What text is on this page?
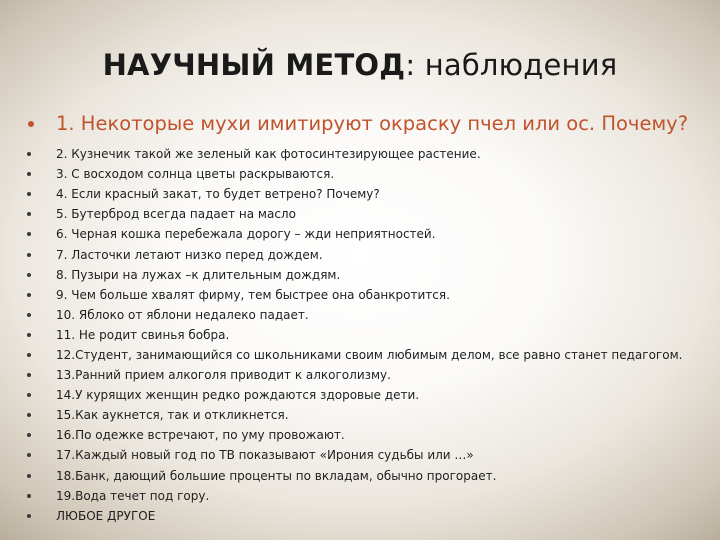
НАУЧНЫЙ МЕТОД: наблюдения
1. Некоторые мухи имитируют окраску пчел или ос. Почему?
2. Кузнечик такой же зеленый как фотосинтезирующее растение.
3. С восходом солнца цветы раскрываются.
4. Если красный закат, то будет ветрено? Почему?
5. Бутерброд всегда падает на масло
6. Черная кошка перебежала дорогу – жди неприятностей.
7. Ласточки летают низко перед дождем.
8. Пузыри на лужах –к длительным дождям.
9. Чем больше хвалят фирму, тем быстрее она обанкротится.
10. Яблоко от яблони недалеко падает.
11. Не родит свинья бобра.
12.Студент, занимающийся со школьниками своим любимым делом, все равно станет педагогом.
13.Ранний прием алкоголя приводит к алкоголизму.
14.У курящих женщин редко рождаются здоровые дети.
15.Как аукнется, так и откликнется.
16.По одежке встречают, по уму провожают.
17.Каждый новый год по ТВ показывают «Ирония судьбы или …»
18.Банк, дающий большие проценты по вкладам, обычно прогорает.
19.Вода течет под гору.
ЛЮБОЕ ДРУГОЕ
